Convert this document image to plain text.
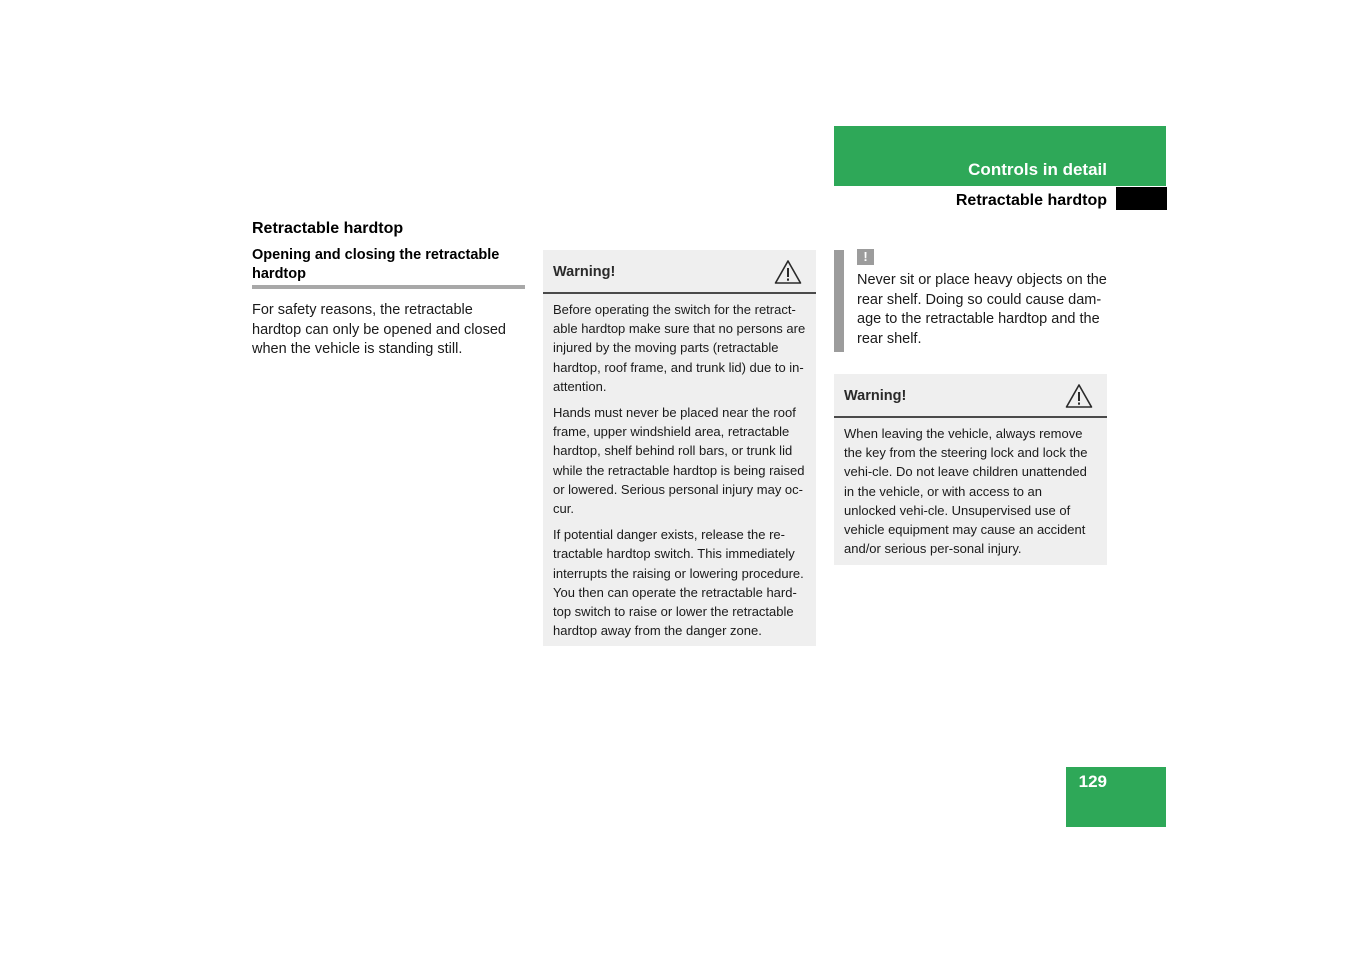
Controls in detail
Retractable hardtop
Retractable hardtop
Opening and closing the retractable hardtop
For safety reasons, the retractable hardtop can only be opened and closed when the vehicle is standing still.
Warning!

Before operating the switch for the retract-able hardtop make sure that no persons are injured by the moving parts (retractable hardtop, roof frame, and trunk lid) due to in-attention.

Hands must never be placed near the roof frame, upper windshield area, retractable hardtop, shelf behind roll bars, or trunk lid while the retractable hardtop is being raised or lowered. Serious personal injury may oc-cur.

If potential danger exists, release the re-tractable hardtop switch. This immediately interrupts the raising or lowering procedure. You then can operate the retractable hard-top switch to raise or lower the retractable hardtop away from the danger zone.

!
Never sit or place heavy objects on the rear shelf. Doing so could cause dam-age to the retractable hardtop and the rear shelf.
Warning!

When leaving the vehicle, always remove the key from the steering lock and lock the vehi-cle. Do not leave children unattended in the vehicle, or with access to an unlocked vehi-cle. Unsupervised use of vehicle equipment may cause an accident and/or serious per-sonal injury.

129
